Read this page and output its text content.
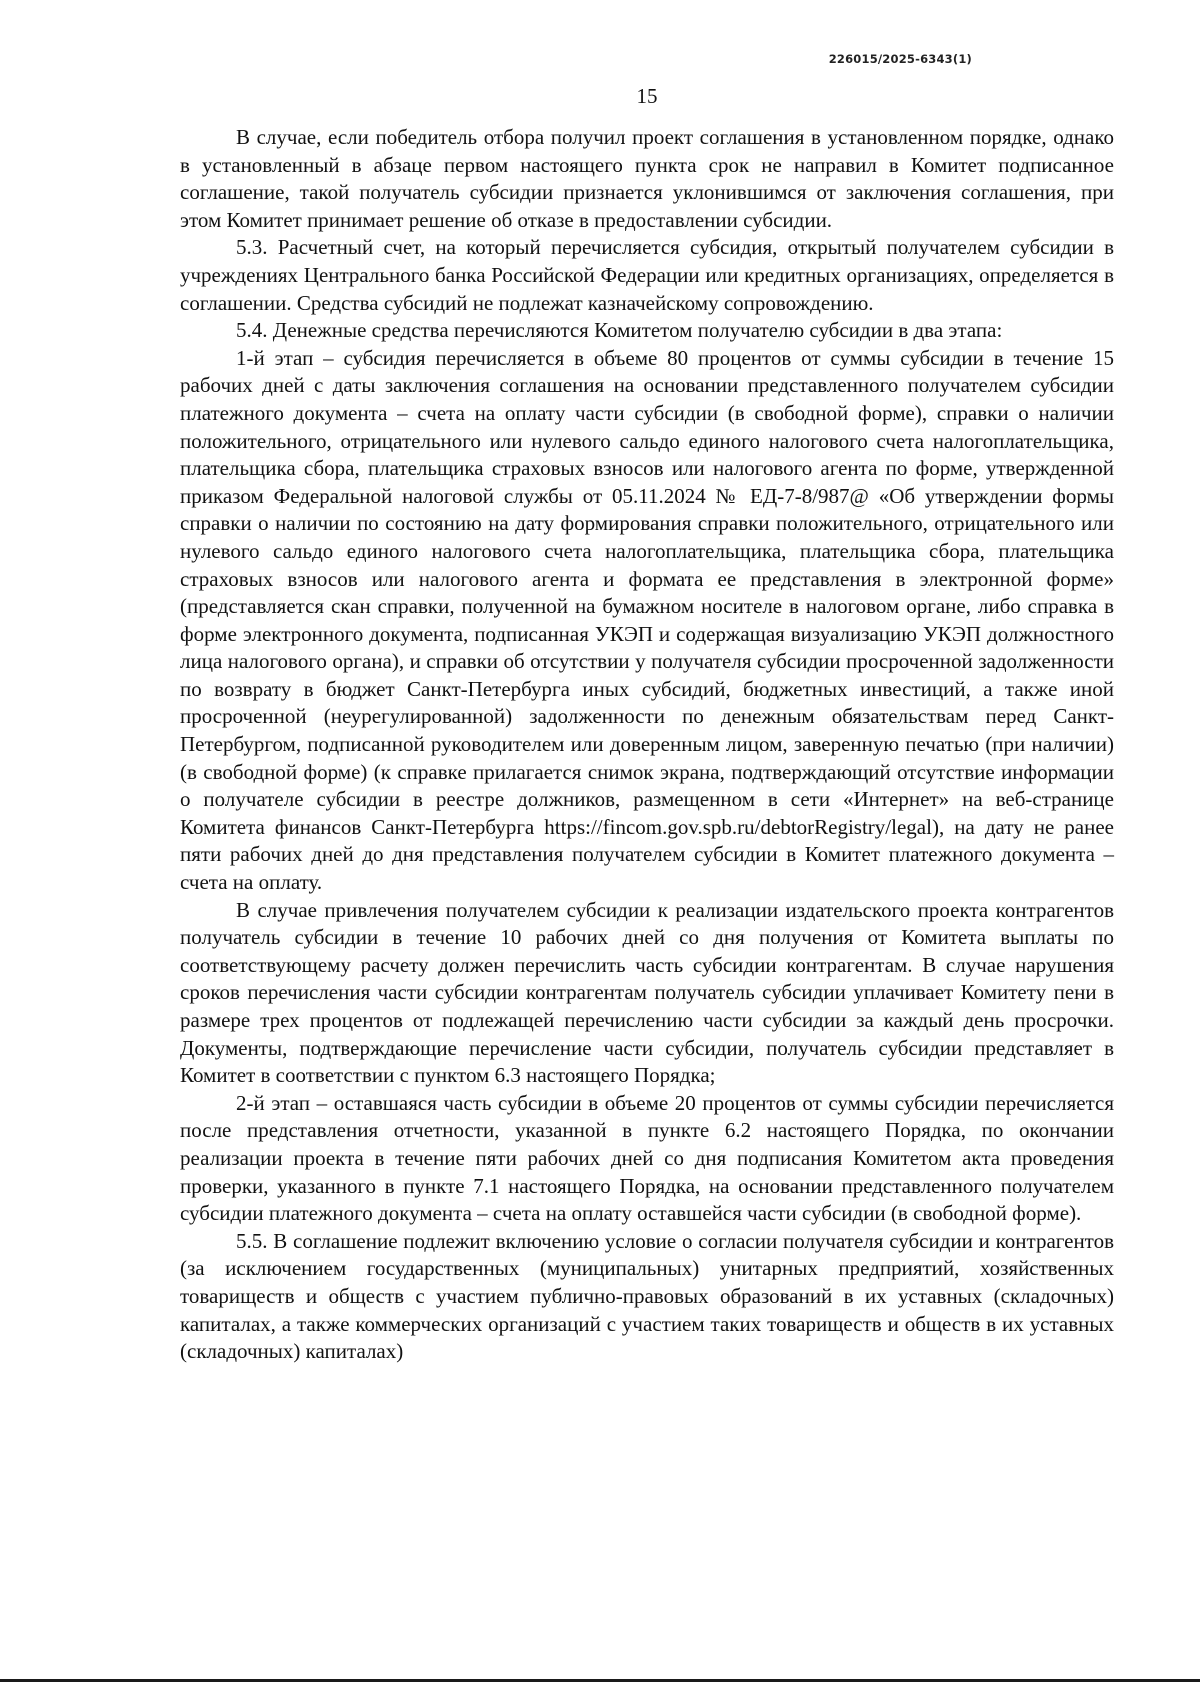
226015/2025-6343(1)
15

В случае, если победитель отбора получил проект соглашения в установленном порядке, однако в установленный в абзаце первом настоящего пункта срок не направил в Комитет подписанное соглашение, такой получатель субсидии признается уклонившимся от заключения соглашения, при этом Комитет принимает решение об отказе в предоставлении субсидии.

5.3. Расчетный счет, на который перечисляется субсидия, открытый получателем субсидии в учреждениях Центрального банка Российской Федерации или кредитных организациях, определяется в соглашении. Средства субсидий не подлежат казначейскому сопровождению.

5.4. Денежные средства перечисляются Комитетом получателю субсидии в два этапа:

1-й этап – субсидия перечисляется в объеме 80 процентов от суммы субсидии в течение 15 рабочих дней с даты заключения соглашения на основании представленного получателем субсидии платежного документа – счета на оплату части субсидии (в свободной форме), справки о наличии положительного, отрицательного или нулевого сальдо единого налогового счета налогоплательщика, плательщика сбора, плательщика страховых взносов или налогового агента по форме, утвержденной приказом Федеральной налоговой службы от 05.11.2024 № ЕД-7-8/987@ «Об утверждении формы справки о наличии по состоянию на дату формирования справки положительного, отрицательного или нулевого сальдо единого налогового счета налогоплательщика, плательщика сбора, плательщика страховых взносов или налогового агента и формата ее представления в электронной форме» (представляется скан справки, полученной на бумажном носителе в налоговом органе, либо справка в форме электронного документа, подписанная УКЭП и содержащая визуализацию УКЭП должностного лица налогового органа), и справки об отсутствии у получателя субсидии просроченной задолженности по возврату в бюджет Санкт-Петербурга иных субсидий, бюджетных инвестиций, а также иной просроченной (неурегулированной) задолженности по денежным обязательствам перед Санкт-Петербургом, подписанной руководителем или доверенным лицом, заверенную печатью (при наличии) (в свободной форме) (к справке прилагается снимок экрана, подтверждающий отсутствие информации о получателе субсидии в реестре должников, размещенном в сети «Интернет» на веб-странице Комитета финансов Санкт-Петербурга https://fincom.gov.spb.ru/debtorRegistry/legal), на дату не ранее пяти рабочих дней до дня представления получателем субсидии в Комитет платежного документа – счета на оплату.

В случае привлечения получателем субсидии к реализации издательского проекта контрагентов получатель субсидии в течение 10 рабочих дней со дня получения от Комитета выплаты по соответствующему расчету должен перечислить часть субсидии контрагентам. В случае нарушения сроков перечисления части субсидии контрагентам получатель субсидии уплачивает Комитету пени в размере трех процентов от подлежащей перечислению части субсидии за каждый день просрочки. Документы, подтверждающие перечисление части субсидии, получатель субсидии представляет в Комитет в соответствии с пунктом 6.3 настоящего Порядка;

2-й этап – оставшаяся часть субсидии в объеме 20 процентов от суммы субсидии перечисляется после представления отчетности, указанной в пункте 6.2 настоящего Порядка, по окончании реализации проекта в течение пяти рабочих дней со дня подписания Комитетом акта проведения проверки, указанного в пункте 7.1 настоящего Порядка, на основании представленного получателем субсидии платежного документа – счета на оплату оставшейся части субсидии (в свободной форме).

5.5. В соглашение подлежит включению условие о согласии получателя субсидии и контрагентов (за исключением государственных (муниципальных) унитарных предприятий, хозяйственных товариществ и обществ с участием публично-правовых образований в их уставных (складочных) капиталах, а также коммерческих организаций с участием таких товариществ и обществ в их уставных (складочных) капиталах)
